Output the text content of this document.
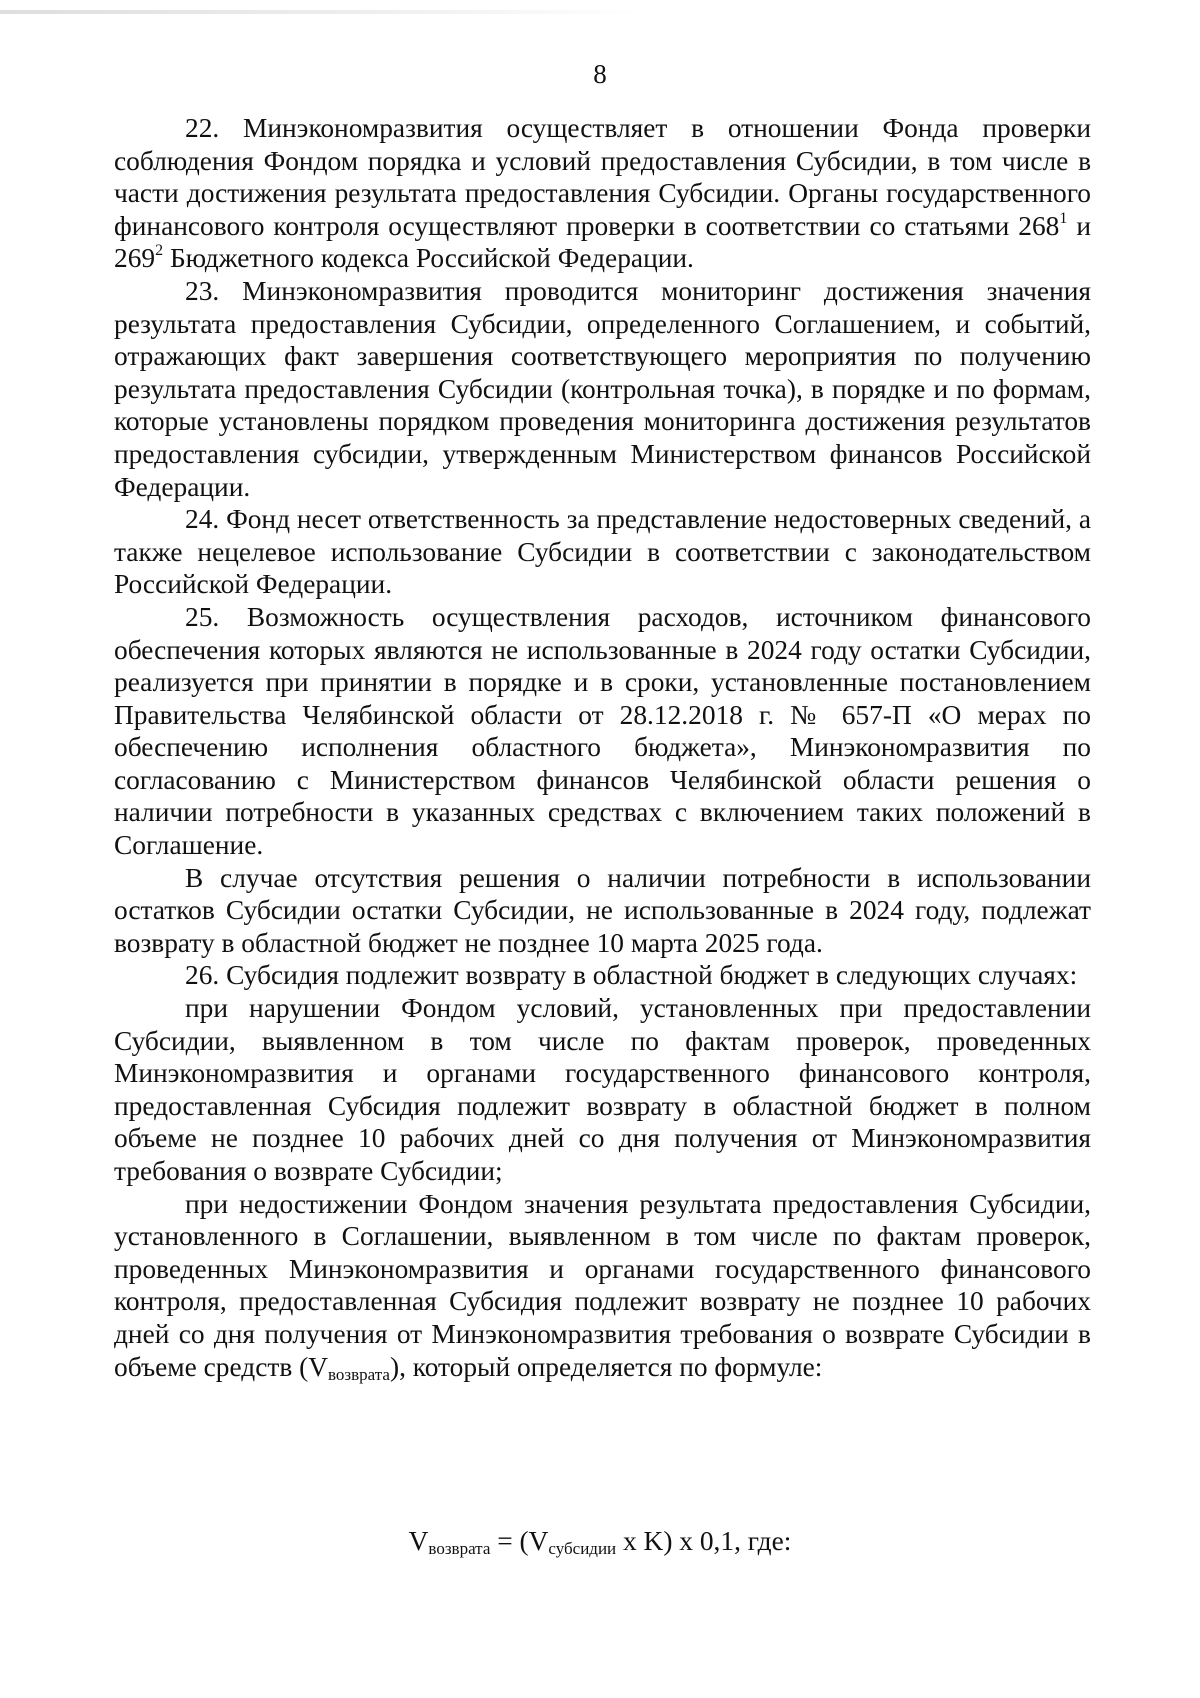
8

22. Минэкономразвития осуществляет в отношении Фонда проверки соблюдения Фондом порядка и условий предоставления Субсидии, в том числе в части достижения результата предоставления Субсидии. Органы государственного финансового контроля осуществляют проверки в соответствии со статьями $268^1$ и $269^2$ Бюджетного кодекса Российской Федерации.

23. Минэкономразвития проводится мониторинг достижения значения результата предоставления Субсидии, определенного Соглашением, и событий, отражающих факт завершения соответствующего мероприятия по получению результата предоставления Субсидии (контрольная точка), в порядке и по формам, которые установлены порядком проведения мониторинга достижения результатов предоставления субсидии, утвержденным Министерством финансов Российской Федерации.

24. Фонд несет ответственность за представление недостоверных сведений, а также нецелевое использование Субсидии в соответствии с законодательством Российской Федерации.

25. Возможность осуществления расходов, источником финансового обеспечения которых являются не использованные в 2024 году остатки Субсидии, реализуется при принятии в порядке и в сроки, установленные постановлением Правительства Челябинской области от 28.12.2018 г. № 657-П «О мерах по обеспечению исполнения областного бюджета», Минэкономразвития по согласованию с Министерством финансов Челябинской области решения о наличии потребности в указанных средствах с включением таких положений в Соглашение.

В случае отсутствия решения о наличии потребности в использовании остатков Субсидии остатки Субсидии, не использованные в 2024 году, подлежат возврату в областной бюджет не позднее 10 марта 2025 года.

26. Субсидия подлежит возврату в областной бюджет в следующих случаях:

при нарушении Фондом условий, установленных при предоставлении Субсидии, выявленном в том числе по фактам проверок, проведенных Минэкономразвития и органами государственного финансового контроля, предоставленная Субсидия подлежит возврату в областной бюджет в полном объеме не позднее 10 рабочих дней со дня получения от Минэкономразвития требования о возврате Субсидии;

при недостижении Фондом значения результата предоставления Субсидии, установленного в Соглашении, выявленном в том числе по фактам проверок, проведенных Минэкономразвития и органами государственного финансового контроля, предоставленная Субсидия подлежит возврату не позднее 10 рабочих дней со дня получения от Минэкономразвития требования о возврате Субсидии в объеме средств $(V_{возврата})$, который определяется по формуле:

$V_{возврата} = (V_{субсидии}$ x K) x 0,1, где:
